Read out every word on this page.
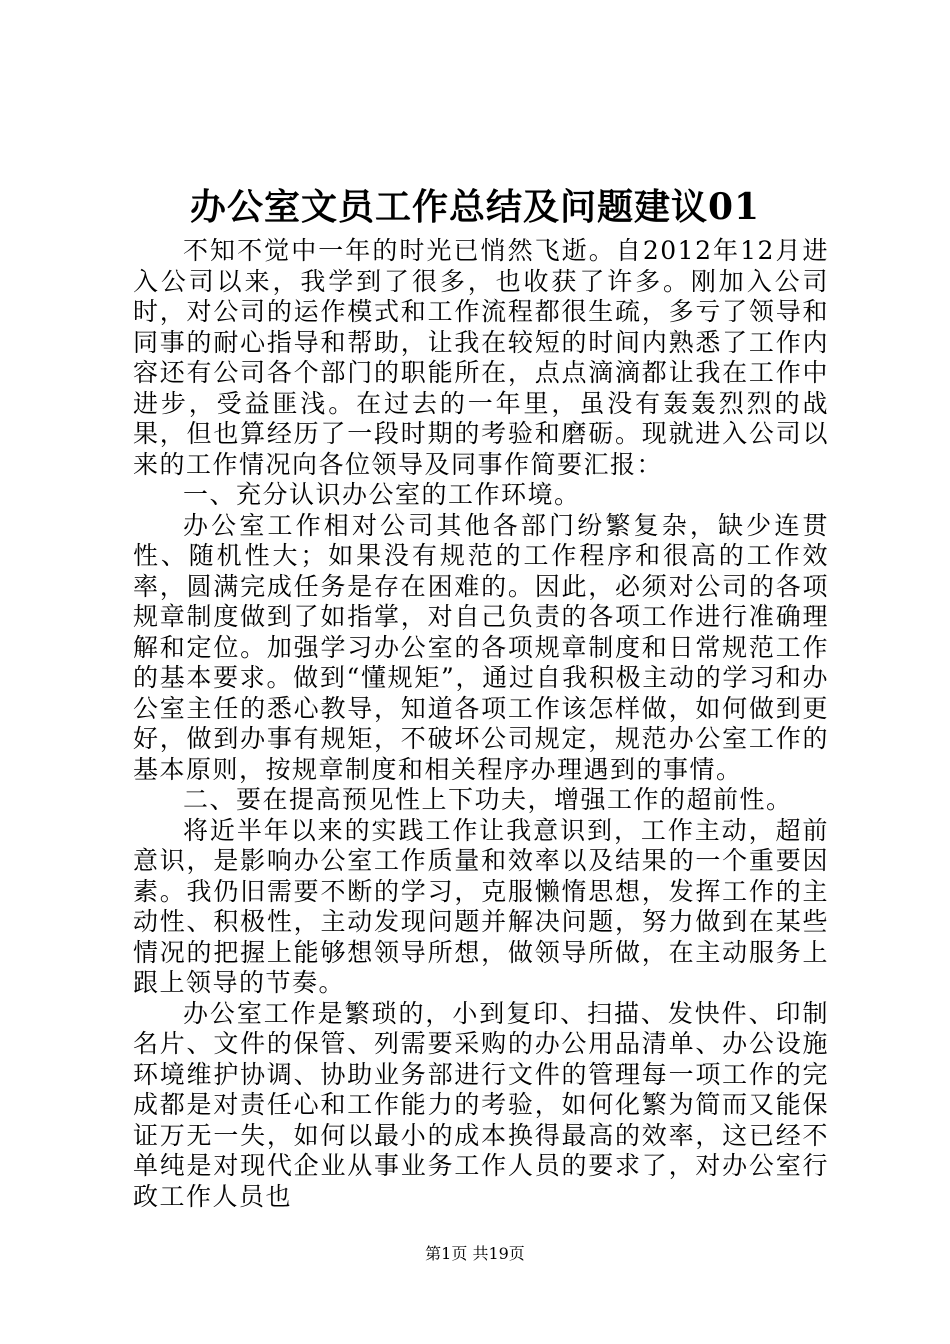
办公室文员工作总结及问题建议01

不知不觉中一年的时光已悄然飞逝。自2012年12月进入公司以来，我学到了很多，也收获了许多。刚加入公司时，对公司的运作模式和工作流程都很生疏，多亏了领导和同事的耐心指导和帮助，让我在较短的时间内熟悉了工作内容还有公司各个部门的职能所在，点点滴滴都让我在工作中进步，受益匪浅。在过去的一年里，虽没有轰轰烈烈的战果，但也算经历了一段时期的考验和磨砺。现就进入公司以来的工作情况向各位领导及同事作简要汇报：

一、充分认识办公室的工作环境。

办公室工作相对公司其他各部门纷繁复杂，缺少连贯性、随机性大；如果没有规范的工作程序和很高的工作效率，圆满完成任务是存在困难的。因此，必须对公司的各项规章制度做到了如指掌，对自己负责的各项工作进行准确理解和定位。加强学习办公室的各项规章制度和日常规范工作的基本要求。做到“懂规矩”，通过自我积极主动的学习和办公室主任的悉心教导，知道各项工作该怎样做，如何做到更好，做到办事有规矩，不破坏公司规定，规范办公室工作的基本原则，按规章制度和相关程序办理遇到的事情。

二、要在提高预见性上下功夫，增强工作的超前性。

将近半年以来的实践工作让我意识到，工作主动，超前意识，是影响办公室工作质量和效率以及结果的一个重要因素。我仍旧需要不断的学习，克服懒惰思想，发挥工作的主动性、积极性，主动发现问题并解决问题，努力做到在某些情况的把握上能够想领导所想，做领导所做，在主动服务上跟上领导的节奏。

办公室工作是繁琐的，小到复印、扫描、发快件、印制名片、文件的保管、列需要采购的办公用品清单、办公设施环境维护协调、协助业务部进行文件的管理每一项工作的完成都是对责任心和工作能力的考验，如何化繁为简而又能保证万无一失，如何以最小的成本换得最高的效率，这已经不单纯是对现代企业从事业务工作人员的要求了，对办公室行政工作人员也

第1页 共19页
